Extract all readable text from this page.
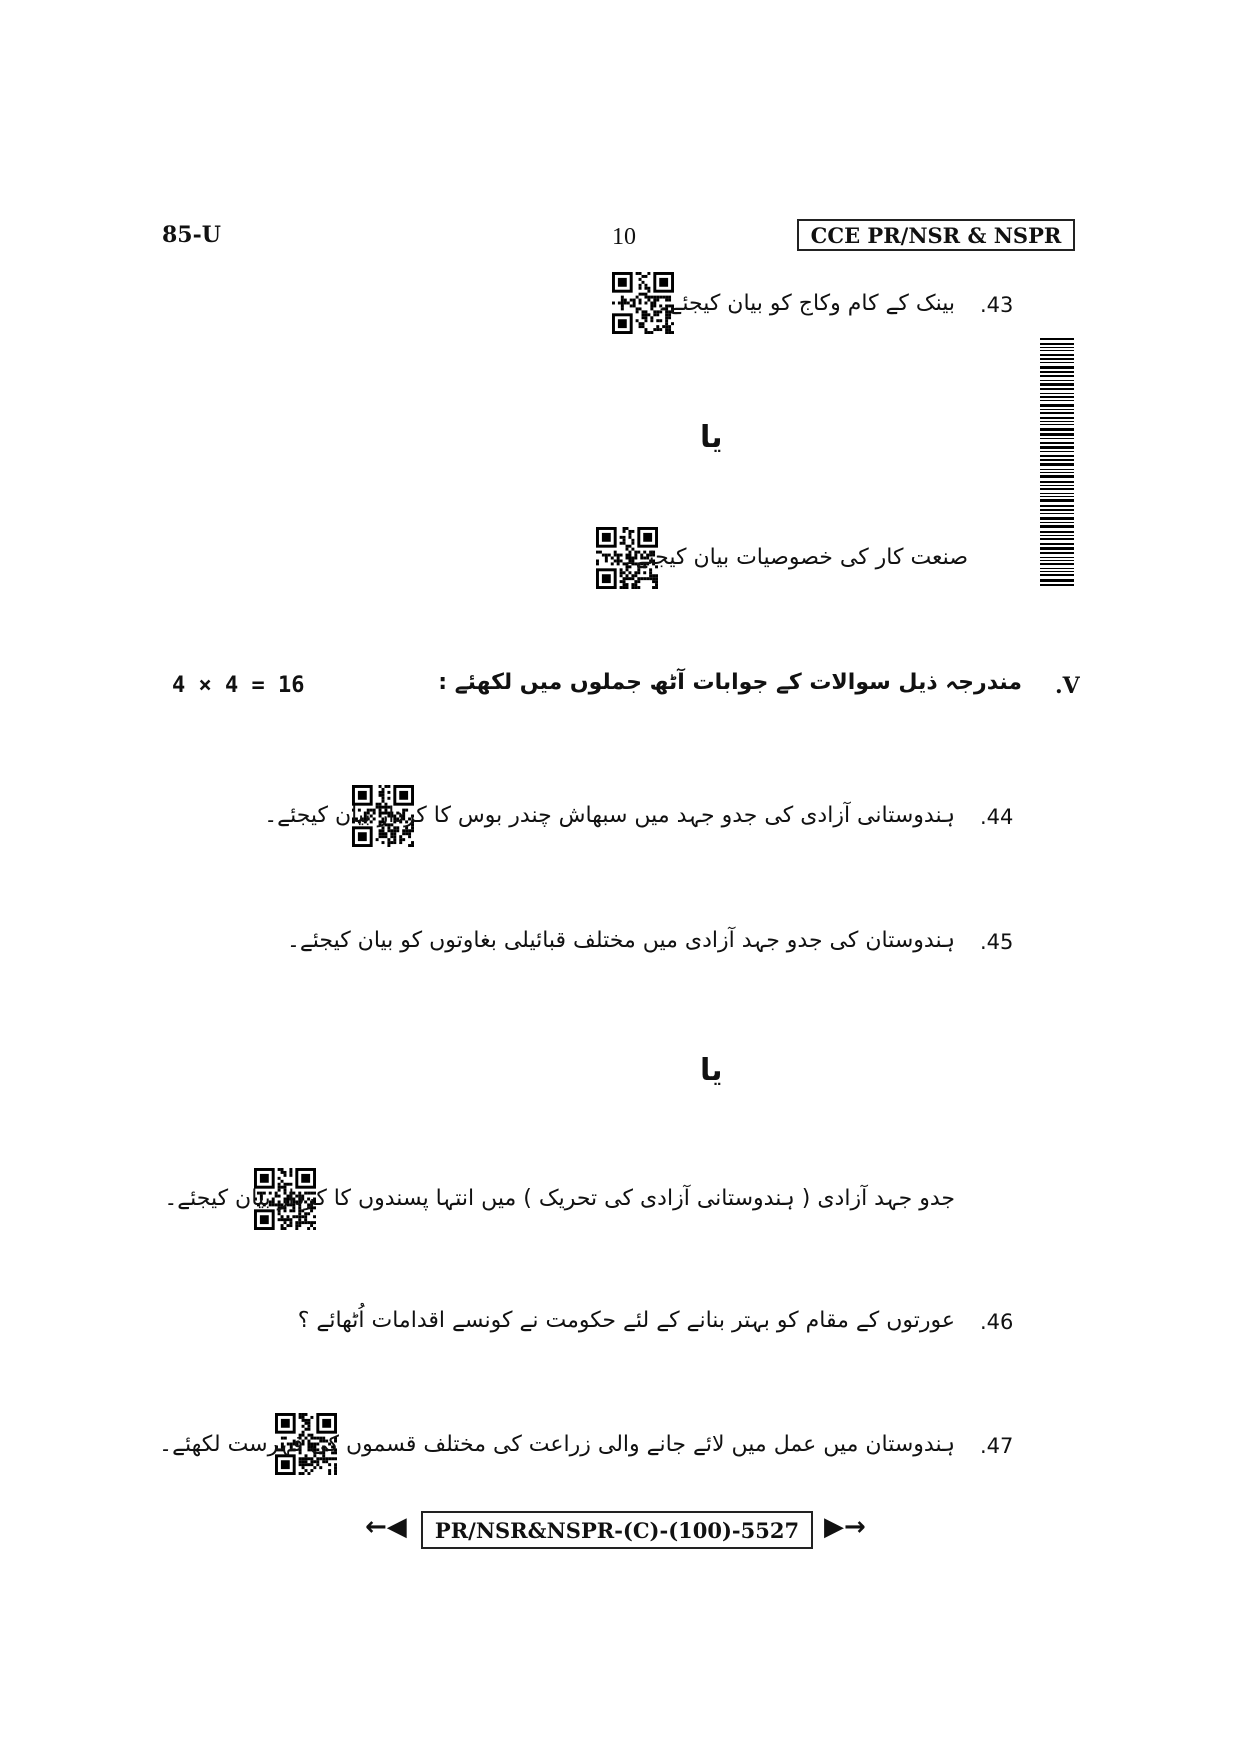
85-U	10	CCE PR/NSR & NSPR
بینک کے کام وکاج کو بیان کیجئے۔ .43
یا
صنعت کار کی خصوصیات بیان کیجئے۔
4 × 4 = 16	مندرجہ ذیل سوالات کے جوابات آٹھ جملوں میں لکھئے : .V
ہندوستانی آزادی کی جدو جہد میں سبھاش چندر بوس کا کردار بیان کیجئے۔ .44
ہندوستان کی جدو جہد آزادی میں مختلف قبائیلی بغاوتوں کو بیان کیجئے۔ .45
یا
جدو جہد آزادی ( ہندوستانی آزادی کی تحریک ) میں انتہا پسندوں کا کردار بیان کیجئے۔
عورتوں کے مقام کو بہتر بنانے کے لئے حکومت نے کونسے اقدامات اُٹھائے ؟ .46
ہندوستان میں عمل میں لائے جانے والی زراعت کی مختلف قسموں کی فہرست لکھئے۔ .47
←◀ PR/NSR&NSPR-(C)-(100)-5527 ▶→
